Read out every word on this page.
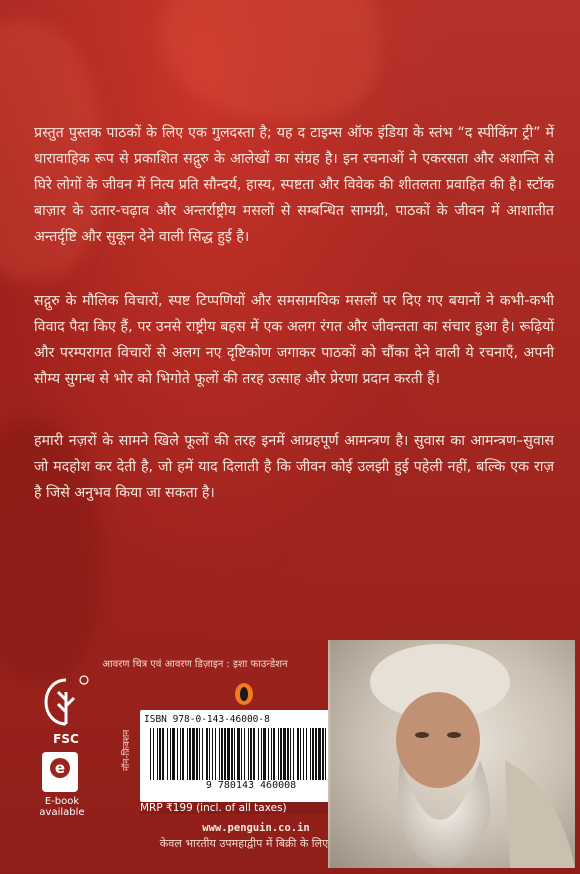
प्रस्तुत पुस्तक पाठकों के लिए एक गुलदस्ता है; यह द टाइम्स ऑफ इंडिया के स्तंभ “द स्पीकिंग ट्री” में धारावाहिक रूप से प्रकाशित सद्गुरु के आलेखों का संग्रह है। इन रचनाओं ने एकरसता और अशान्ति से घिरे लोगों के जीवन में नित्य प्रति सौन्दर्य, हास्य, स्पष्टता और विवेक की शीतलता प्रवाहित की है। स्टॉक बाज़ार के उतार-चढ़ाव और अन्तर्राष्ट्रीय मसलों से सम्बन्धित सामग्री, पाठकों के जीवन में आशातीत अन्तर्दृष्टि और सुकून देने वाली सिद्ध हुई है।

सद्गुरु के मौलिक विचारों, स्पष्ट टिप्पणियों और समसामयिक मसलों पर दिए गए बयानों ने कभी-कभी विवाद पैदा किए हैं, पर उनसे राष्ट्रीय बहस में एक अलग रंगत और जीवन्तता का संचार हुआ है। रूढ़ियों और परम्परागत विचारों से अलग नए दृष्टिकोण जगाकर पाठकों को चौंका देने वाली ये रचनाएँ, अपनी सौम्य सुगन्ध से भोर को भिगोते फूलों की तरह उत्साह और प्रेरणा प्रदान करती हैं।

हमारी नज़रों के सामने खिले फूलों की तरह इनमें आग्रहपूर्ण आमन्त्रण है। सुवास का आमन्त्रण–सुवास जो मदहोश कर देती है, जो हमें याद दिलाती है कि जीवन कोई उलझी हुई पहेली नहीं, बल्कि एक राज़ है जिसे अनुभव किया जा सकता है।

आवरण चित्र एवं आवरण डिज़ाइन : इशा फाउन्डेशन
FSC
e
E-book available
नॉन-फ़िक्शन
ISBN 978-0-143-46000-8
9 780143 460008
MRP ₹199 (incl. of all taxes)
www.penguin.co.in
केवल भारतीय उपमहाद्वीप में बिक्री के लिए
